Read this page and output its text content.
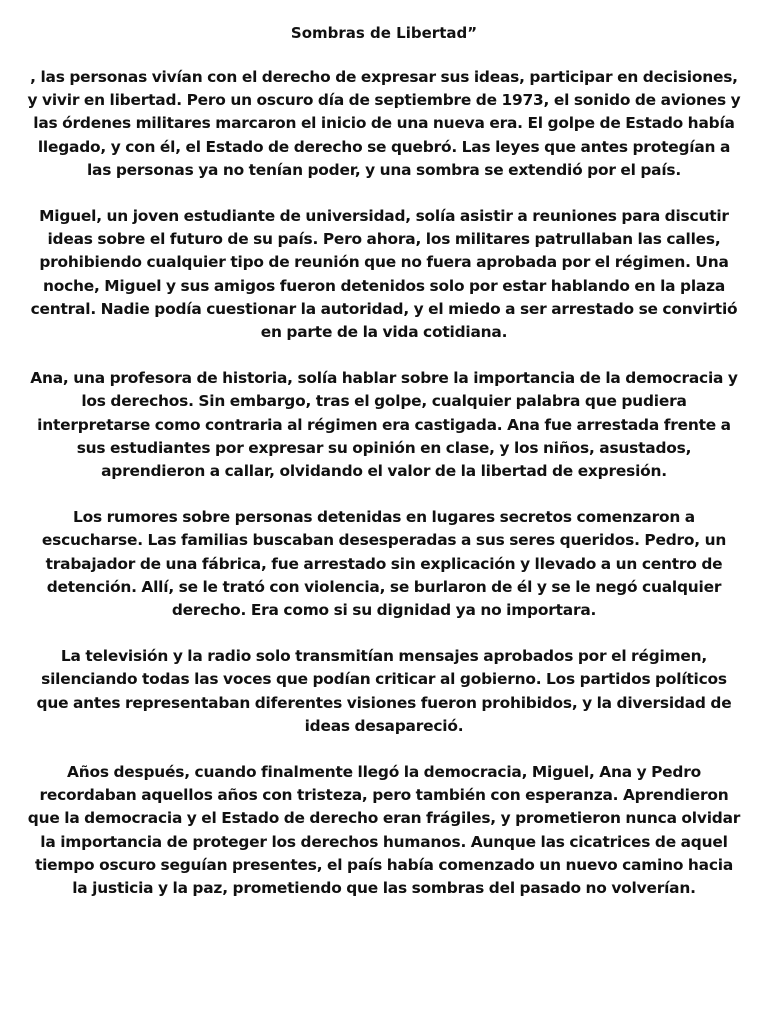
Sombras de Libertad”

, las personas vivían con el derecho de expresar sus ideas, participar en decisiones, y vivir en libertad. Pero un oscuro día de septiembre de 1973, el sonido de aviones y las órdenes militares marcaron el inicio de una nueva era. El golpe de Estado había llegado, y con él, el Estado de derecho se quebró. Las leyes que antes protegían a las personas ya no tenían poder, y una sombra se extendió por el país.

Miguel, un joven estudiante de universidad, solía asistir a reuniones para discutir ideas sobre el futuro de su país. Pero ahora, los militares patrullaban las calles, prohibiendo cualquier tipo de reunión que no fuera aprobada por el régimen. Una noche, Miguel y sus amigos fueron detenidos solo por estar hablando en la plaza central. Nadie podía cuestionar la autoridad, y el miedo a ser arrestado se convirtió en parte de la vida cotidiana.

Ana, una profesora de historia, solía hablar sobre la importancia de la democracia y los derechos. Sin embargo, tras el golpe, cualquier palabra que pudiera interpretarse como contraria al régimen era castigada. Ana fue arrestada frente a sus estudiantes por expresar su opinión en clase, y los niños, asustados, aprendieron a callar, olvidando el valor de la libertad de expresión.

Los rumores sobre personas detenidas en lugares secretos comenzaron a escucharse. Las familias buscaban desesperadas a sus seres queridos. Pedro, un trabajador de una fábrica, fue arrestado sin explicación y llevado a un centro de detención. Allí, se le trató con violencia, se burlaron de él y se le negó cualquier derecho. Era como si su dignidad ya no importara.

La televisión y la radio solo transmitían mensajes aprobados por el régimen, silenciando todas las voces que podían criticar al gobierno. Los partidos políticos que antes representaban diferentes visiones fueron prohibidos, y la diversidad de ideas desapareció.

Años después, cuando finalmente llegó la democracia, Miguel, Ana y Pedro recordaban aquellos años con tristeza, pero también con esperanza. Aprendieron que la democracia y el Estado de derecho eran frágiles, y prometieron nunca olvidar la importancia de proteger los derechos humanos. Aunque las cicatrices de aquel tiempo oscuro seguían presentes, el país había comenzado un nuevo camino hacia la justicia y la paz, prometiendo que las sombras del pasado no volverían.
